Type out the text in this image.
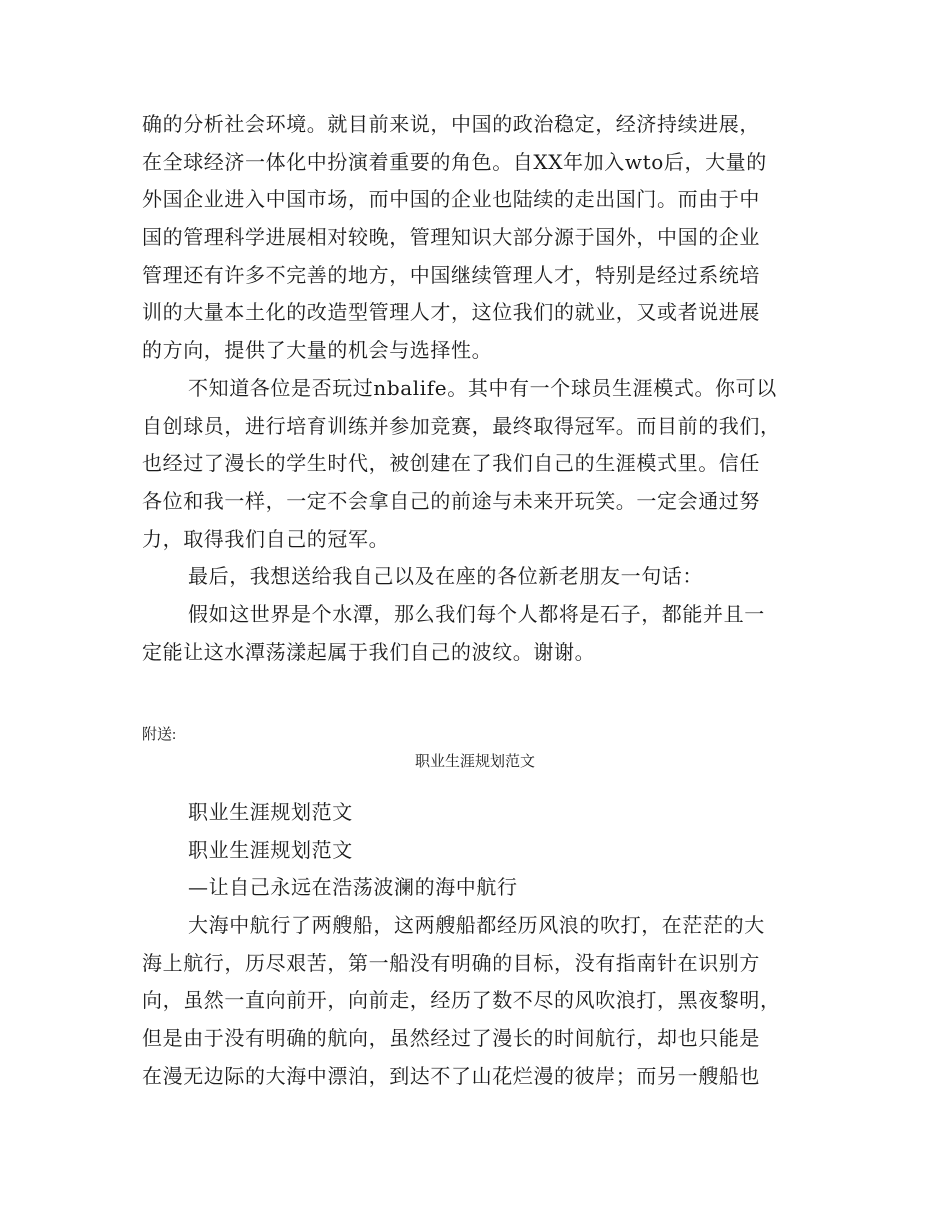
确的分析社会环境。就目前来说，中国的政治稳定，经济持续进展，
在全球经济一体化中扮演着重要的角色。自XX年加入wto后，大量的
外国企业进入中国市场，而中国的企业也陆续的走出国门。而由于中
国的管理科学进展相对较晚，管理知识大部分源于国外，中国的企业
管理还有许多不完善的地方，中国继续管理人才，特别是经过系统培
训的大量本土化的改造型管理人才，这位我们的就业，又或者说进展
的方向，提供了大量的机会与选择性。
不知道各位是否玩过nbalife。其中有一个球员生涯模式。你可以
自创球员，进行培育训练并参加竞赛，最终取得冠军。而目前的我们，
也经过了漫长的学生时代，被创建在了我们自己的生涯模式里。信任
各位和我一样，一定不会拿自己的前途与未来开玩笑。一定会通过努
力，取得我们自己的冠军。
最后，我想送给我自己以及在座的各位新老朋友一句话：
假如这世界是个水潭，那么我们每个人都将是石子，都能并且一
定能让这水潭荡漾起属于我们自己的波纹。谢谢。
附送:
职业生涯规划范文
职业生涯规划范文
职业生涯规划范文
—让自己永远在浩荡波澜的海中航行
大海中航行了两艘船，这两艘船都经历风浪的吹打，在茫茫的大
海上航行，历尽艰苦，第一船没有明确的目标，没有指南针在识别方
向，虽然一直向前开，向前走，经历了数不尽的风吹浪打，黑夜黎明，
但是由于没有明确的航向，虽然经过了漫长的时间航行，却也只能是
在漫无边际的大海中漂泊，到达不了山花烂漫的彼岸；而另一艘船也
